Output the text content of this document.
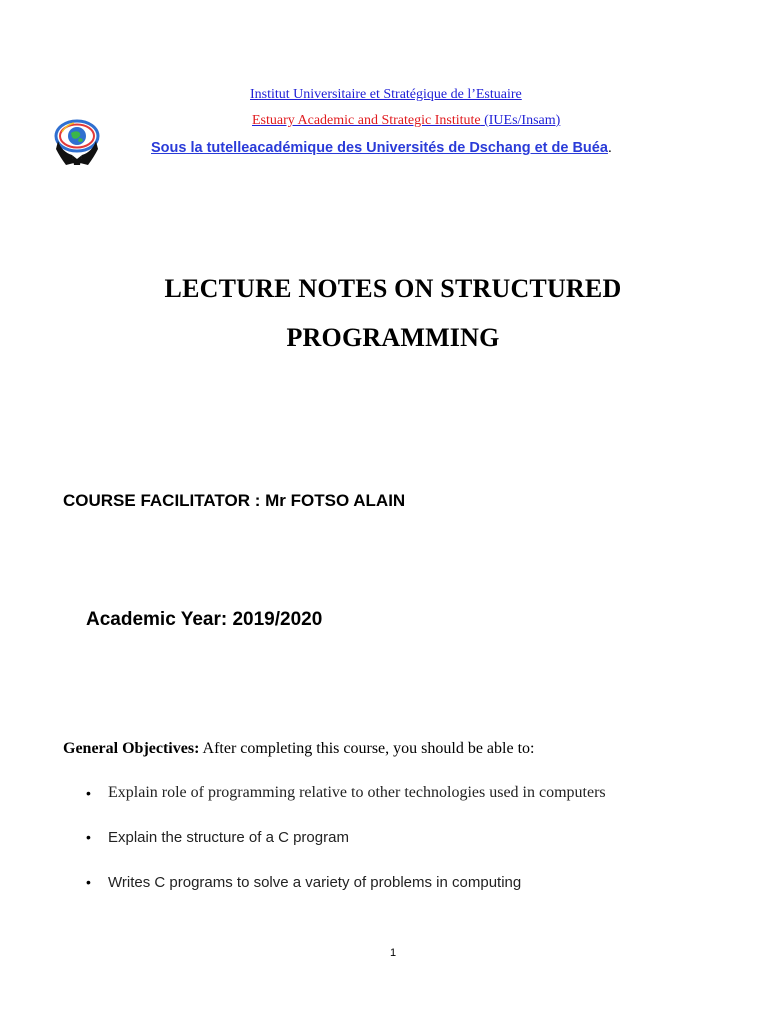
Institut Universitaire et Stratégique de l’Estuaire
Estuary Academic and Strategic Institute (IUEs/Insam)
Sous la tutelleacadémique des Universités de Dschang et de Buéa.
LECTURE NOTES ON STRUCTURED
PROGRAMMING
COURSE FACILITATOR : Mr FOTSO ALAIN
Academic Year: 2019/2020
General Objectives: After completing this course, you should be able to:
• Explain role of programming relative to other technologies used in computers
• Explain the structure of a C program
• Writes C programs to solve a variety of problems in computing
1
